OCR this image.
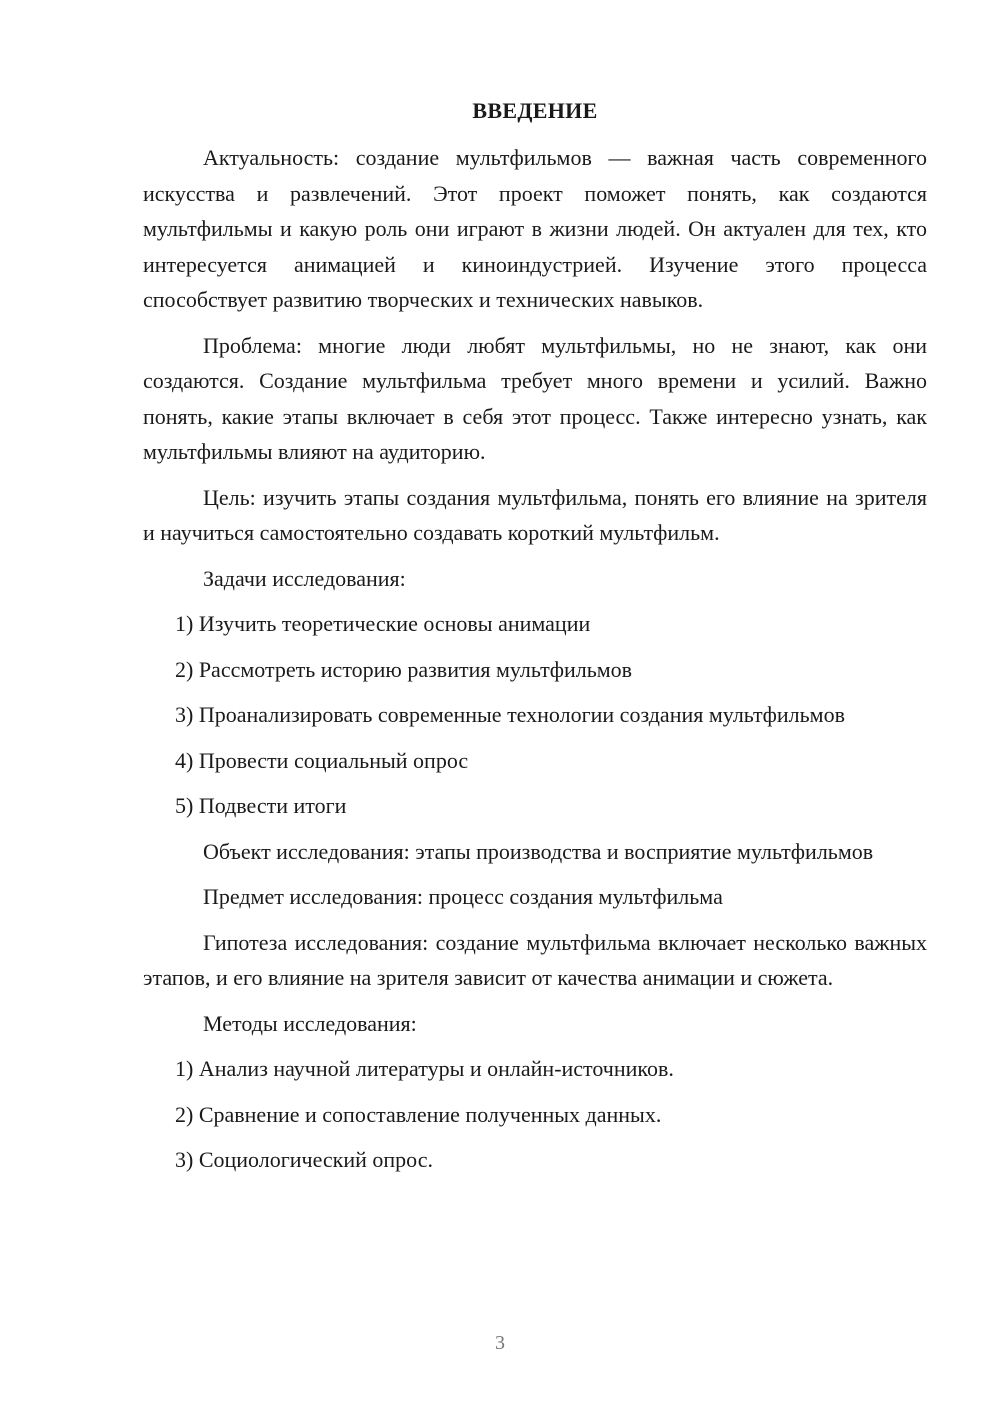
ВВЕДЕНИЕ

Актуальность: создание мультфильмов — важная часть современного искусства и развлечений. Этот проект поможет понять, как создаются мультфильмы и какую роль они играют в жизни людей. Он актуален для тех, кто интересуется анимацией и киноиндустрией. Изучение этого процесса способствует развитию творческих и технических навыков.

Проблема: многие люди любят мультфильмы, но не знают, как они создаются. Создание мультфильма требует много времени и усилий. Важно понять, какие этапы включает в себя этот процесс. Также интересно узнать, как мультфильмы влияют на аудиторию.

Цель: изучить этапы создания мультфильма, понять его влияние на зрителя и научиться самостоятельно создавать короткий мультфильм.

Задачи исследования:

1) Изучить теоретические основы анимации

2) Рассмотреть историю развития мультфильмов

3) Проанализировать современные технологии создания мультфильмов

4) Провести социальный опрос

5) Подвести итоги

Объект исследования: этапы производства и восприятие мультфильмов

Предмет исследования: процесс создания мультфильма

Гипотеза исследования: создание мультфильма включает несколько важных этапов, и его влияние на зрителя зависит от качества анимации и сюжета.

Методы исследования:

1) Анализ научной литературы и онлайн-источников.

2) Сравнение и сопоставление полученных данных.

3) Социологический опрос.

3
